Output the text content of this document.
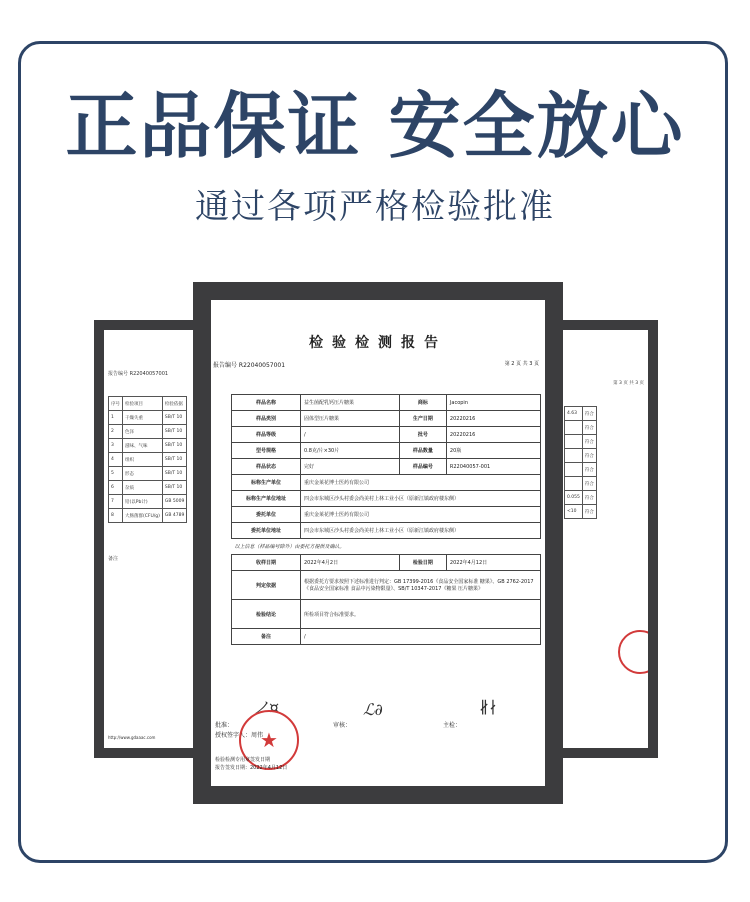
正品保证 安全放心
通过各项严格检验批准
报告编号 R22040057001
序号	检验项目	检验依据
1	干燥失重	SB/T 10
2	色泽	SB/T 10
3	滋味、气味	SB/T 10
4	组织	SB/T 10
5	形态	SB/T 10
6	杂质	SB/T 10
7	铅(以Pb计)	GB 5009
8	大肠菌群(CFU/g)	GB 4789
备注
http://www.gdaaac.com
第 3 页 共 3 页
4.63	符合
	符合
	符合
	符合
	符合
	符合
0.055	符合
<10	符合
检验检测报告
报告编号 R22040057001	第 2 页 共 3 页
样品名称	益生菌配乳钙压片糖果	商标	Jacopin
样品类别	固体型压片糖果	生产日期	20220216
样品等级	/	批号	20220216
型号规格	0.8克/片×30片	样品数量	20瓶
样品状态	完好	样品编号	R22040057-001
标称生产单位	重庆金莱花博士医药有限公司		
标称生产单位地址	四会市东城区沙头村委会尚美村上林工业小区（原新江镇政府楼东侧）		
委托单位	重庆金莱花博士医药有限公司		
委托单位地址	四会市东城区沙头村委会尚美村上林工业小区（原新江镇政府楼东侧）		
以上信息（样品编号除外）由委托方提供及确认。			
收样日期	2022年4月2日	检验日期	2022年4月12日
判定依据	根据委托方要求按照下述标准进行判定：GB 17399-2016《食品安全国家标准 糖果》、GB 2762-2017《食品安全国家标准 食品中污染物限量》、SB/T 10347-2017《糖果 压片糖果》		
检验结论	所检项目符合标准要求。		
备注	/		
批准：
授权签字人：周伟
ノ¤
★
审核：
ℒ∂
主检：
∦∤
检验检测专用章签发日期
报告签发日期：2022年4月12日
